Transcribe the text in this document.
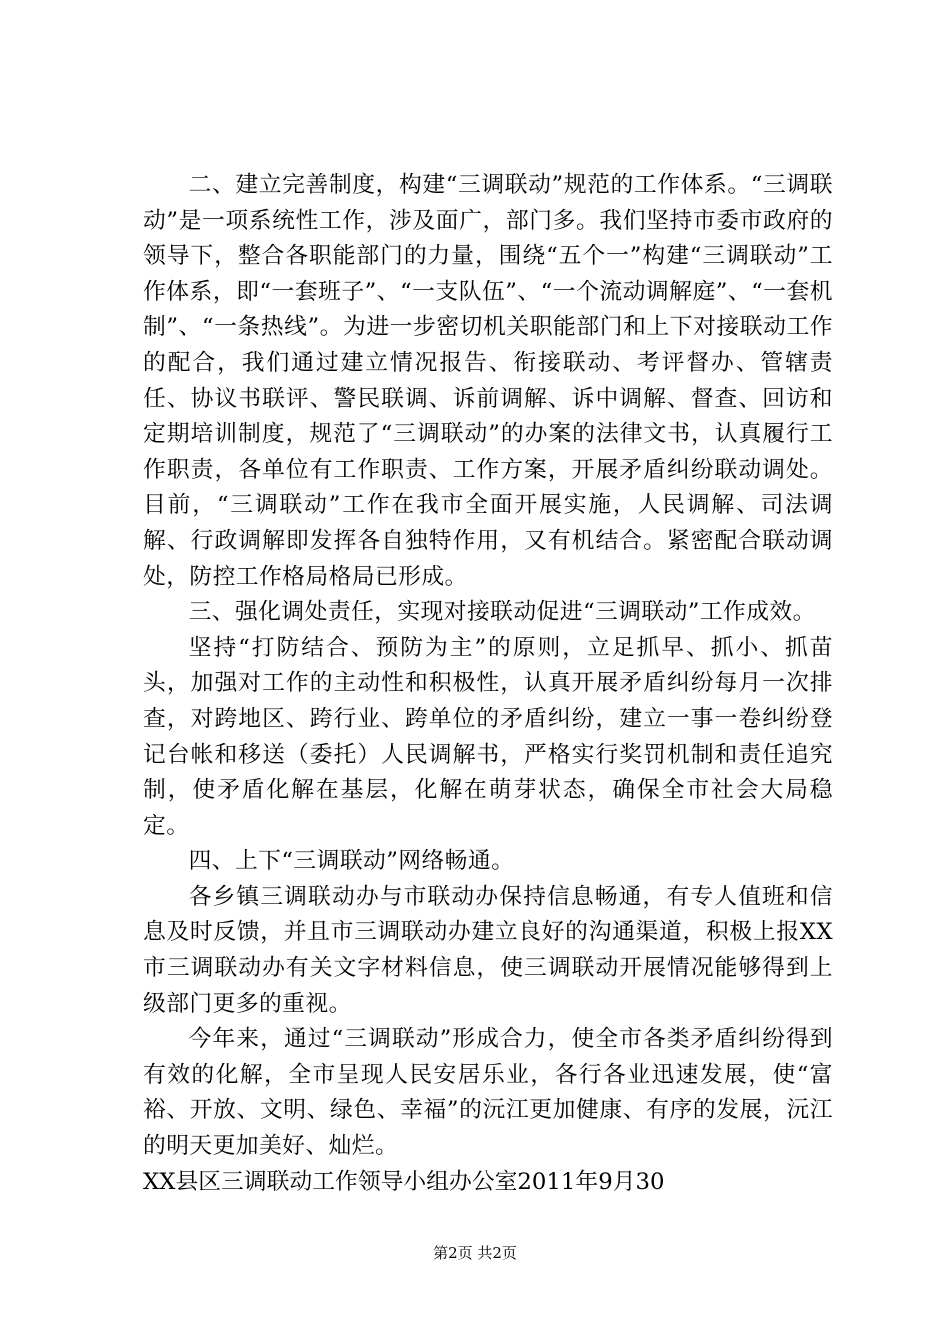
二、建立完善制度，构建“三调联动”规范的工作体系。“三调联动”是一项系统性工作，涉及面广，部门多。我们坚持市委市政府的领导下，整合各职能部门的力量，围绕“五个一”构建“三调联动”工作体系，即“一套班子”、“一支队伍”、“一个流动调解庭”、“一套机制”、“一条热线”。为进一步密切机关职能部门和上下对接联动工作的配合，我们通过建立情况报告、衔接联动、考评督办、管辖责任、协议书联评、警民联调、诉前调解、诉中调解、督查、回访和定期培训制度，规范了“三调联动”的办案的法律文书，认真履行工作职责，各单位有工作职责、工作方案，开展矛盾纠纷联动调处。目前，“三调联动”工作在我市全面开展实施，人民调解、司法调解、行政调解即发挥各自独特作用，又有机结合。紧密配合联动调处，防控工作格局格局已形成。

三、强化调处责任，实现对接联动促进“三调联动”工作成效。

坚持“打防结合、预防为主”的原则，立足抓早、抓小、抓苗头，加强对工作的主动性和积极性，认真开展矛盾纠纷每月一次排查，对跨地区、跨行业、跨单位的矛盾纠纷，建立一事一卷纠纷登记台帐和移送（委托）人民调解书，严格实行奖罚机制和责任追究制，使矛盾化解在基层，化解在萌芽状态，确保全市社会大局稳定。

四、上下“三调联动”网络畅通。

各乡镇三调联动办与市联动办保持信息畅通，有专人值班和信息及时反馈，并且市三调联动办建立良好的沟通渠道，积极上报XX市三调联动办有关文字材料信息，使三调联动开展情况能够得到上级部门更多的重视。

今年来，通过“三调联动”形成合力，使全市各类矛盾纠纷得到有效的化解，全市呈现人民安居乐业，各行各业迅速发展，使“富裕、开放、文明、绿色、幸福”的沅江更加健康、有序的发展，沅江的明天更加美好、灿烂。

XX县区三调联动工作领导小组办公室2011年9月30

第2页 共2页
